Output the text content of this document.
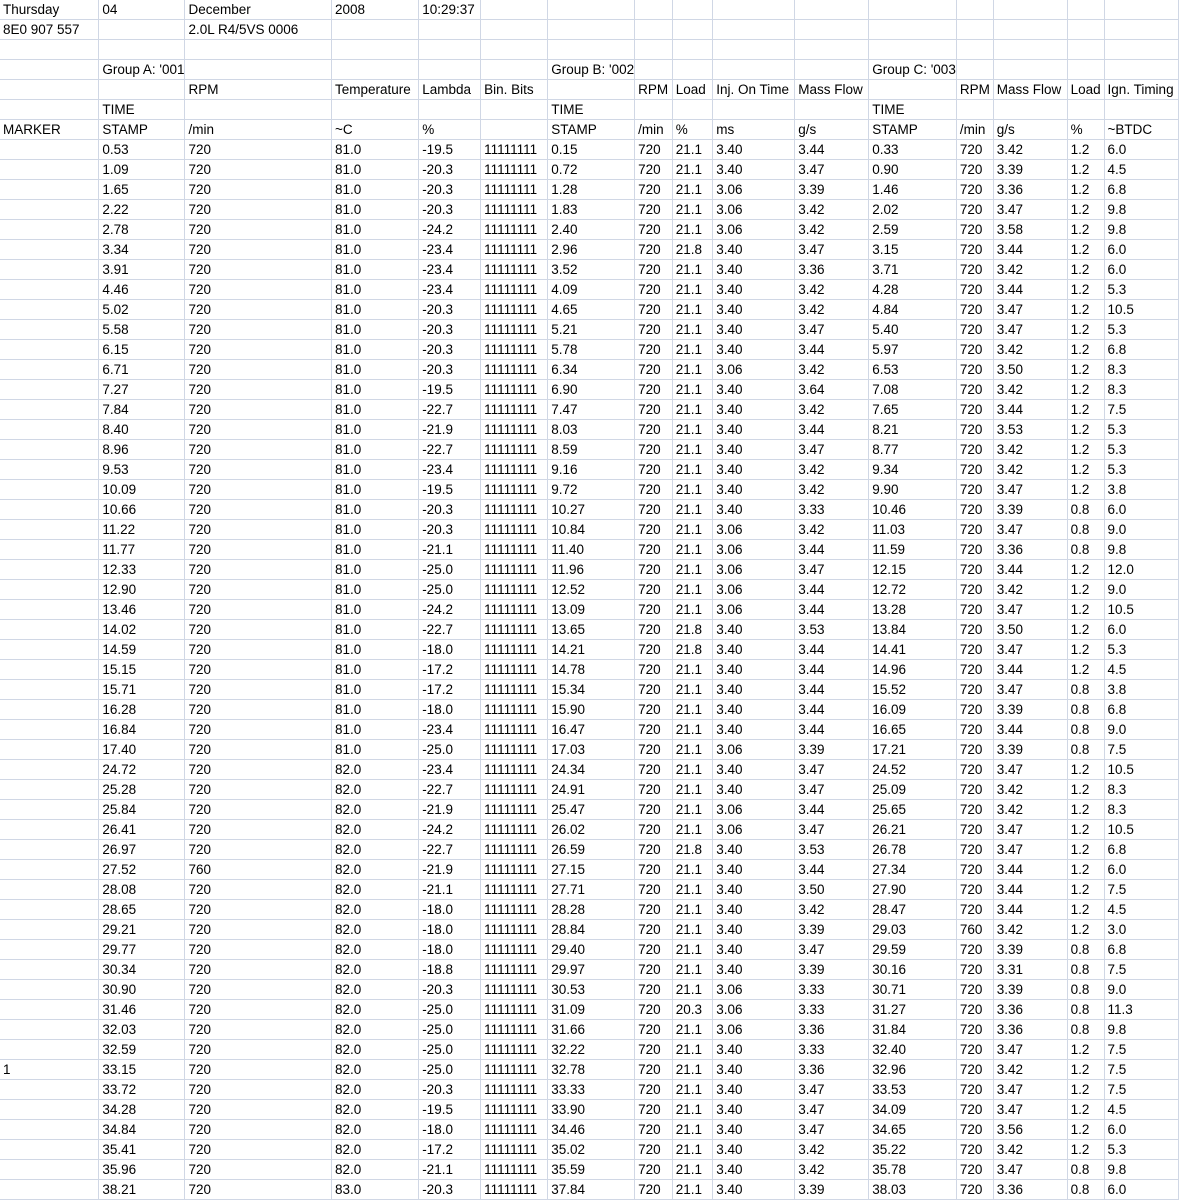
Thursday	04	December	2008	10:29:37											
8E0 907 557		2.0L R4/5VS 0006													

	Group A: '001					Group B: '002					Group C: '003				
		RPM	Temperature	Lambda	Bin. Bits		RPM	Load	Inj. On Time	Mass Flow		RPM	Mass Flow	Load	Ign. Timing
	TIME					TIME					TIME				
MARKER	STAMP	/min	~C	%		STAMP	/min	%	ms	g/s	STAMP	/min	g/s	%	~BTDC
	0.53	720	81.0	-19.5	11111111	0.15	720	21.1	3.40	3.44	0.33	720	3.42	1.2	6.0
	1.09	720	81.0	-20.3	11111111	0.72	720	21.1	3.40	3.47	0.90	720	3.39	1.2	4.5
	1.65	720	81.0	-20.3	11111111	1.28	720	21.1	3.06	3.39	1.46	720	3.36	1.2	6.8
	2.22	720	81.0	-20.3	11111111	1.83	720	21.1	3.06	3.42	2.02	720	3.47	1.2	9.8
	2.78	720	81.0	-24.2	11111111	2.40	720	21.1	3.06	3.42	2.59	720	3.58	1.2	9.8
	3.34	720	81.0	-23.4	11111111	2.96	720	21.8	3.40	3.47	3.15	720	3.44	1.2	6.0
	3.91	720	81.0	-23.4	11111111	3.52	720	21.1	3.40	3.36	3.71	720	3.42	1.2	6.0
	4.46	720	81.0	-23.4	11111111	4.09	720	21.1	3.40	3.42	4.28	720	3.44	1.2	5.3
	5.02	720	81.0	-20.3	11111111	4.65	720	21.1	3.40	3.42	4.84	720	3.47	1.2	10.5
	5.58	720	81.0	-20.3	11111111	5.21	720	21.1	3.40	3.47	5.40	720	3.47	1.2	5.3
	6.15	720	81.0	-20.3	11111111	5.78	720	21.1	3.40	3.44	5.97	720	3.42	1.2	6.8
	6.71	720	81.0	-20.3	11111111	6.34	720	21.1	3.06	3.42	6.53	720	3.50	1.2	8.3
	7.27	720	81.0	-19.5	11111111	6.90	720	21.1	3.40	3.64	7.08	720	3.42	1.2	8.3
	7.84	720	81.0	-22.7	11111111	7.47	720	21.1	3.40	3.42	7.65	720	3.44	1.2	7.5
	8.40	720	81.0	-21.9	11111111	8.03	720	21.1	3.40	3.44	8.21	720	3.53	1.2	5.3
	8.96	720	81.0	-22.7	11111111	8.59	720	21.1	3.40	3.47	8.77	720	3.42	1.2	5.3
	9.53	720	81.0	-23.4	11111111	9.16	720	21.1	3.40	3.42	9.34	720	3.42	1.2	5.3
	10.09	720	81.0	-19.5	11111111	9.72	720	21.1	3.40	3.42	9.90	720	3.47	1.2	3.8
	10.66	720	81.0	-20.3	11111111	10.27	720	21.1	3.40	3.33	10.46	720	3.39	0.8	6.0
	11.22	720	81.0	-20.3	11111111	10.84	720	21.1	3.06	3.42	11.03	720	3.47	0.8	9.0
	11.77	720	81.0	-21.1	11111111	11.40	720	21.1	3.06	3.44	11.59	720	3.36	0.8	9.8
	12.33	720	81.0	-25.0	11111111	11.96	720	21.1	3.06	3.47	12.15	720	3.44	1.2	12.0
	12.90	720	81.0	-25.0	11111111	12.52	720	21.1	3.06	3.44	12.72	720	3.42	1.2	9.0
	13.46	720	81.0	-24.2	11111111	13.09	720	21.1	3.06	3.44	13.28	720	3.47	1.2	10.5
	14.02	720	81.0	-22.7	11111111	13.65	720	21.8	3.40	3.53	13.84	720	3.50	1.2	6.0
	14.59	720	81.0	-18.0	11111111	14.21	720	21.8	3.40	3.44	14.41	720	3.47	1.2	5.3
	15.15	720	81.0	-17.2	11111111	14.78	720	21.1	3.40	3.44	14.96	720	3.44	1.2	4.5
	15.71	720	81.0	-17.2	11111111	15.34	720	21.1	3.40	3.44	15.52	720	3.47	0.8	3.8
	16.28	720	81.0	-18.0	11111111	15.90	720	21.1	3.40	3.44	16.09	720	3.39	0.8	6.8
	16.84	720	81.0	-23.4	11111111	16.47	720	21.1	3.40	3.44	16.65	720	3.44	0.8	9.0
	17.40	720	81.0	-25.0	11111111	17.03	720	21.1	3.06	3.39	17.21	720	3.39	0.8	7.5
	24.72	720	82.0	-23.4	11111111	24.34	720	21.1	3.40	3.47	24.52	720	3.47	1.2	10.5
	25.28	720	82.0	-22.7	11111111	24.91	720	21.1	3.40	3.47	25.09	720	3.42	1.2	8.3
	25.84	720	82.0	-21.9	11111111	25.47	720	21.1	3.06	3.44	25.65	720	3.42	1.2	8.3
	26.41	720	82.0	-24.2	11111111	26.02	720	21.1	3.06	3.47	26.21	720	3.47	1.2	10.5
	26.97	720	82.0	-22.7	11111111	26.59	720	21.8	3.40	3.53	26.78	720	3.47	1.2	6.8
	27.52	760	82.0	-21.9	11111111	27.15	720	21.1	3.40	3.44	27.34	720	3.44	1.2	6.0
	28.08	720	82.0	-21.1	11111111	27.71	720	21.1	3.40	3.50	27.90	720	3.44	1.2	7.5
	28.65	720	82.0	-18.0	11111111	28.28	720	21.1	3.40	3.42	28.47	720	3.44	1.2	4.5
	29.21	720	82.0	-18.0	11111111	28.84	720	21.1	3.40	3.39	29.03	760	3.42	1.2	3.0
	29.77	720	82.0	-18.0	11111111	29.40	720	21.1	3.40	3.47	29.59	720	3.39	0.8	6.8
	30.34	720	82.0	-18.8	11111111	29.97	720	21.1	3.40	3.39	30.16	720	3.31	0.8	7.5
	30.90	720	82.0	-20.3	11111111	30.53	720	21.1	3.06	3.33	30.71	720	3.39	0.8	9.0
	31.46	720	82.0	-25.0	11111111	31.09	720	20.3	3.06	3.33	31.27	720	3.36	0.8	11.3
	32.03	720	82.0	-25.0	11111111	31.66	720	21.1	3.06	3.36	31.84	720	3.36	0.8	9.8
	32.59	720	82.0	-25.0	11111111	32.22	720	21.1	3.40	3.33	32.40	720	3.47	1.2	7.5
1	33.15	720	82.0	-25.0	11111111	32.78	720	21.1	3.40	3.36	32.96	720	3.42	1.2	7.5
	33.72	720	82.0	-20.3	11111111	33.33	720	21.1	3.40	3.47	33.53	720	3.47	1.2	7.5
	34.28	720	82.0	-19.5	11111111	33.90	720	21.1	3.40	3.47	34.09	720	3.47	1.2	4.5
	34.84	720	82.0	-18.0	11111111	34.46	720	21.1	3.40	3.47	34.65	720	3.56	1.2	6.0
	35.41	720	82.0	-17.2	11111111	35.02	720	21.1	3.40	3.42	35.22	720	3.42	1.2	5.3
	35.96	720	82.0	-21.1	11111111	35.59	720	21.1	3.40	3.42	35.78	720	3.47	0.8	9.8
	38.21	720	83.0	-20.3	11111111	37.84	720	21.1	3.40	3.39	38.03	720	3.36	0.8	6.0
